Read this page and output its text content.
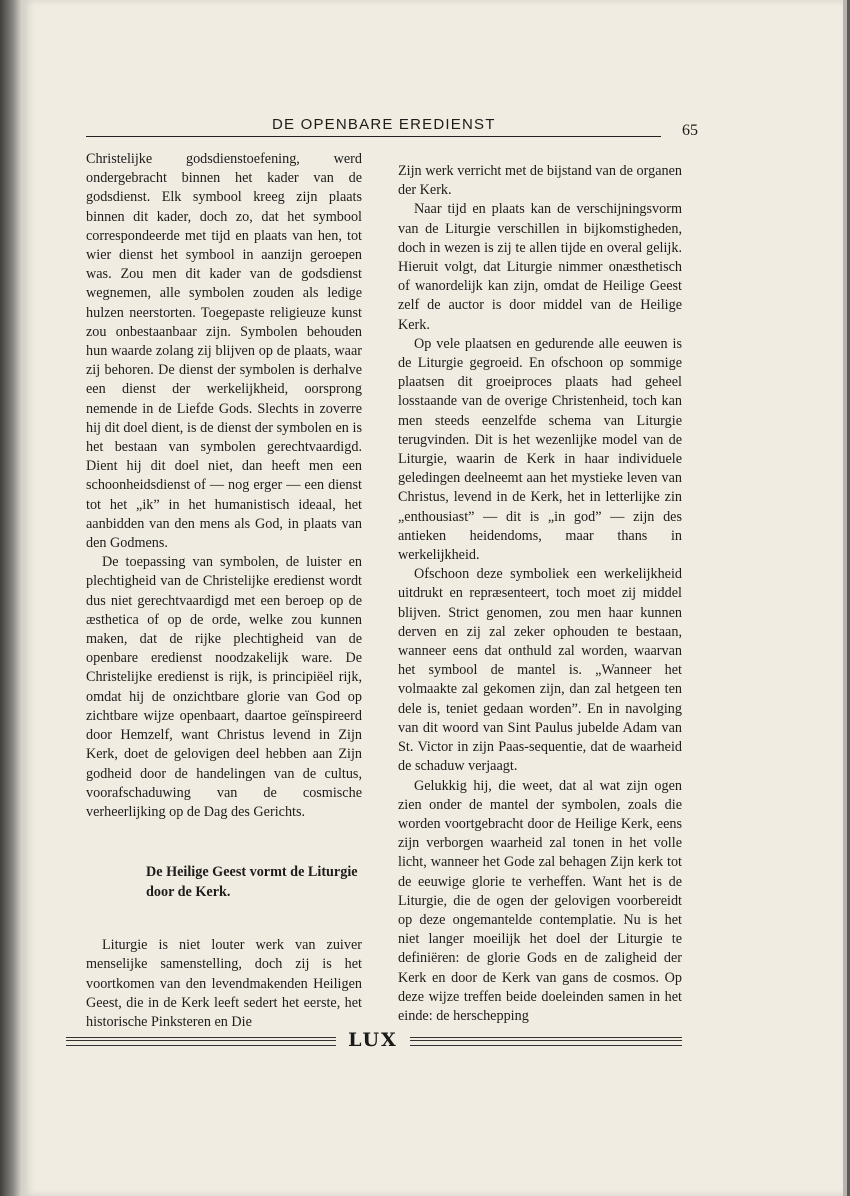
DE OPENBARE EREDIENST	65

Christelijke godsdienstoefening, werd ondergebracht binnen het kader van de godsdienst. Elk symbool kreeg zijn plaats binnen dit kader, doch zo, dat het symbool correspondeerde met tijd en plaats van hen, tot wier dienst het symbool in aanzijn geroepen was. Zou men dit kader van de godsdienst wegnemen, alle symbolen zouden als ledige hulzen neerstorten. Toegepaste religieuze kunst zou onbestaanbaar zijn. Symbolen behouden hun waarde zolang zij blijven op de plaats, waar zij behoren. De dienst der symbolen is derhalve een dienst der werkelijkheid, oorsprong nemende in de Liefde Gods. Slechts in zoverre hij dit doel dient, is de dienst der symbolen en is het bestaan van symbolen gerechtvaardigd. Dient hij dit doel niet, dan heeft men een schoonheidsdienst of — nog erger — een dienst tot het „ik” in het humanistisch ideaal, het aanbidden van den mens als God, in plaats van den Godmens.

De toepassing van symbolen, de luister en plechtigheid van de Christelijke eredienst wordt dus niet gerechtvaardigd met een beroep op de æsthetica of op de orde, welke zou kunnen maken, dat de rijke plechtigheid van de openbare eredienst noodzakelijk ware. De Christelijke eredienst is rijk, is principiëel rijk, omdat hij de onzichtbare glorie van God op zichtbare wijze openbaart, daartoe geïnspireerd door Hemzelf, want Christus levend in Zijn Kerk, doet de gelovigen deel hebben aan Zijn godheid door de handelingen van de cultus, voorafschaduwing van de cosmische verheerlijking op de Dag des Gerichts.

De Heilige Geest vormt de Liturgie door de Kerk.

Liturgie is niet louter werk van zuiver menselijke samenstelling, doch zij is het voortkomen van den levendmakenden Heiligen Geest, die in de Kerk leeft sedert het eerste, het historische Pinksteren en Die

Zijn werk verricht met de bijstand van de organen der Kerk.

Naar tijd en plaats kan de verschijningsvorm van de Liturgie verschillen in bijkomstigheden, doch in wezen is zij te allen tijde en overal gelijk. Hieruit volgt, dat Liturgie nimmer onæsthetisch of wanordelijk kan zijn, omdat de Heilige Geest zelf de auctor is door middel van de Heilige Kerk.

Op vele plaatsen en gedurende alle eeuwen is de Liturgie gegroeid. En ofschoon op sommige plaatsen dit groeiproces plaats had geheel losstaande van de overige Christenheid, toch kan men steeds eenzelfde schema van Liturgie terugvinden. Dit is het wezenlijke model van de Liturgie, waarin de Kerk in haar individuele geledingen deelneemt aan het mystieke leven van Christus, levend in de Kerk, het in letterlijke zin „enthousiast” — dit is „in god” — zijn des antieken heidendoms, maar thans in werkelijkheid.

Ofschoon deze symboliek een werkelijkheid uitdrukt en repræsenteert, toch moet zij middel blijven. Strict genomen, zou men haar kunnen derven en zij zal zeker ophouden te bestaan, wanneer eens dat onthuld zal worden, waarvan het symbool de mantel is. „Wanneer het volmaakte zal gekomen zijn, dan zal hetgeen ten dele is, teniet gedaan worden”. En in navolging van dit woord van Sint Paulus jubelde Adam van St. Victor in zijn Paas-sequentie, dat de waarheid de schaduw verjaagt.

Gelukkig hij, die weet, dat al wat zijn ogen zien onder de mantel der symbolen, zoals die worden voortgebracht door de Heilige Kerk, eens zijn verborgen waarheid zal tonen in het volle licht, wanneer het Gode zal behagen Zijn kerk tot de eeuwige glorie te verheffen. Want het is de Liturgie, die de ogen der gelovigen voorbereidt op deze ongemantelde contemplatie. Nu is het niet langer moeilijk het doel der Liturgie te definiëren: de glorie Gods en de zaligheid der Kerk en door de Kerk van gans de cosmos. Op deze wijze treffen beide doeleinden samen in het einde: de herschepping

LUX
